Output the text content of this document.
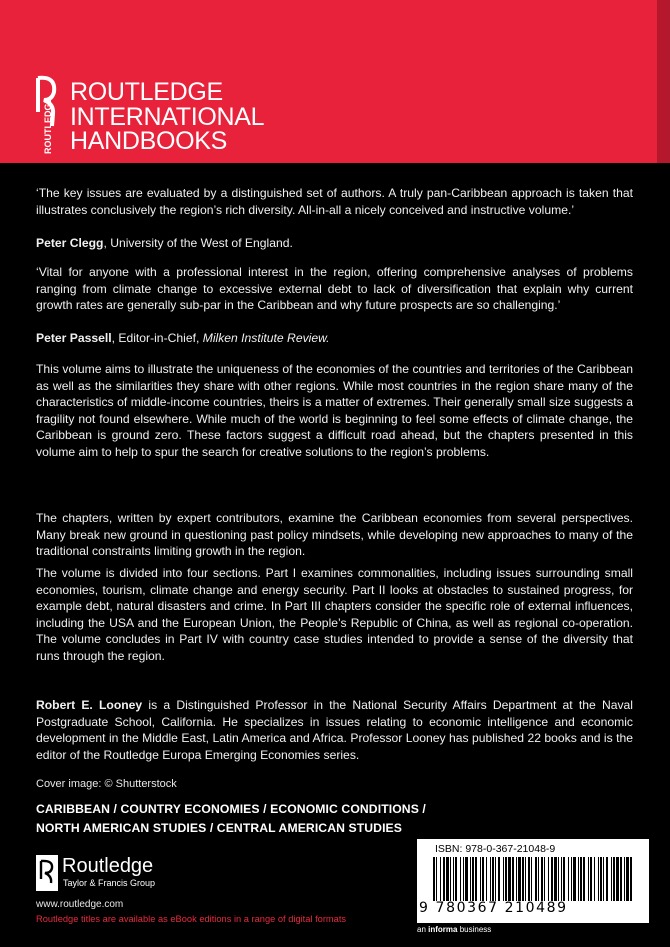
ROUTLEDGE
ROUTLEDGE
INTERNATIONAL
HANDBOOKS

‘The key issues are evaluated by a distinguished set of authors. A truly pan-Caribbean approach is taken that illustrates conclusively the region’s rich diversity. All-in-all a nicely conceived and instructive volume.’

Peter Clegg, University of the West of England.

‘Vital for anyone with a professional interest in the region, offering comprehensive analyses of problems ranging from climate change to excessive external debt to lack of diversification that explain why current growth rates are generally sub-par in the Caribbean and why future prospects are so challenging.’

Peter Passell, Editor-in-Chief, Milken Institute Review.

This volume aims to illustrate the uniqueness of the economies of the countries and territories of the Caribbean as well as the similarities they share with other regions. While most countries in the region share many of the characteristics of middle-income countries, theirs is a matter of extremes. Their generally small size suggests a fragility not found elsewhere. While much of the world is beginning to feel some effects of climate change, the Caribbean is ground zero. These factors suggest a difficult road ahead, but the chapters presented in this volume aim to help to spur the search for creative solutions to the region’s problems.

The chapters, written by expert contributors, examine the Caribbean economies from several perspectives. Many break new ground in questioning past policy mindsets, while developing new approaches to many of the traditional constraints limiting growth in the region.

The volume is divided into four sections. Part I examines commonalities, including issues surrounding small economies, tourism, climate change and energy security. Part II looks at obstacles to sustained progress, for example debt, natural disasters and crime. In Part III chapters consider the specific role of external influences, including the USA and the European Union, the People’s Republic of China, as well as regional co-operation. The volume concludes in Part IV with country case studies intended to provide a sense of the diversity that runs through the region.

Robert E. Looney is a Distinguished Professor in the National Security Affairs Department at the Naval Postgraduate School, California. He specializes in issues relating to economic intelligence and economic development in the Middle East, Latin America and Africa. Professor Looney has published 22 books and is the editor of the Routledge Europa Emerging Economies series.

Cover image: © Shutterstock

CARIBBEAN / COUNTRY ECONOMIES / ECONOMIC CONDITIONS /

NORTH AMERICAN STUDIES / CENTRAL AMERICAN STUDIES

Routledge

Taylor & Francis Group

www.routledge.com

Routledge titles are available as eBook editions in a range of digital formats

ISBN: 978-0-367-21048-9

9 780367 210489

an informa business
